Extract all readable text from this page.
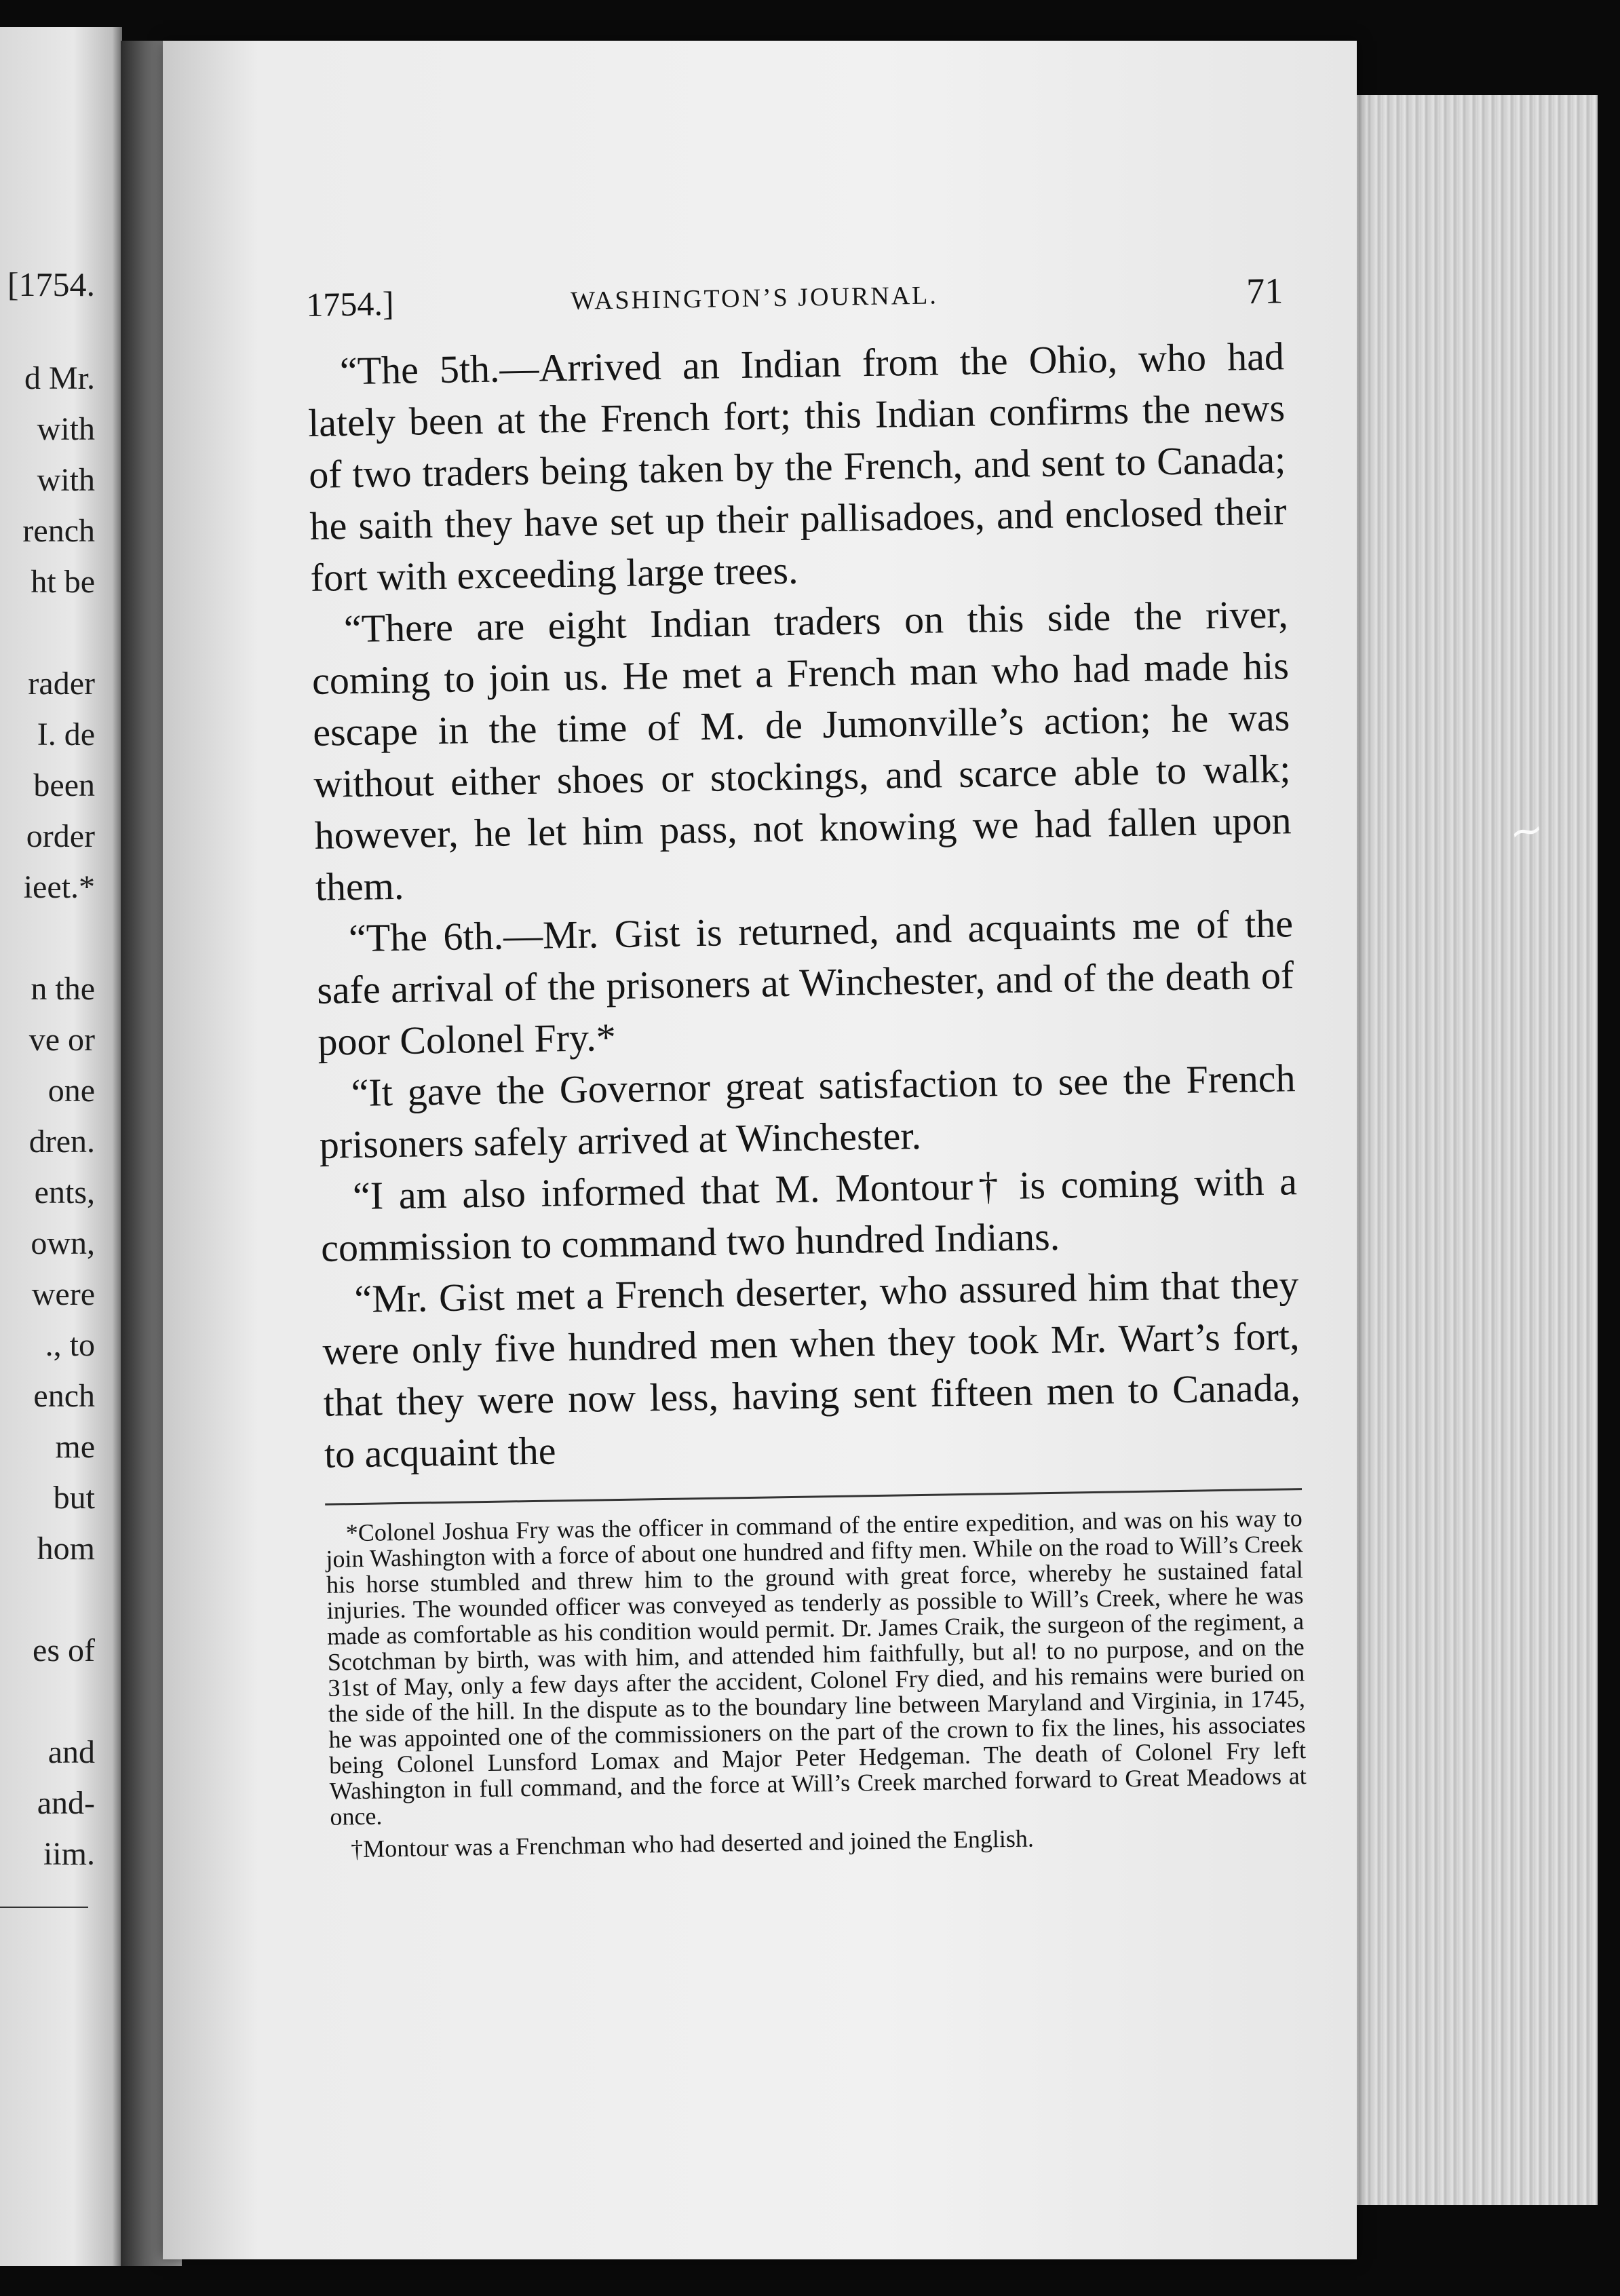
[1754.
d Mr.
with
with
rench
ht be
rader
I. de
been
order
ieet.*
n the
ve or
one
dren.
ents,
own,
were
., to
ench
me
but
hom
es of
and
and-
iim.
1754.]	WASHINGTON’S JOURNAL.	71

“The 5th.—Arrived an Indian from the Ohio, who had lately been at the French fort; this Indian confirms the news of two traders being taken by the French, and sent to Canada; he saith they have set up their pallisadoes, and enclosed their fort with exceeding large trees.

“There are eight Indian traders on this side the river, coming to join us. He met a French man who had made his escape in the time of M. de Jumonville’s action; he was without either shoes or stockings, and scarce able to walk; however, he let him pass, not knowing we had fallen upon them.

“The 6th.—Mr. Gist is returned, and acquaints me of the safe arrival of the prisoners at Winchester, and of the death of poor Colonel Fry.*

“It gave the Governor great satisfaction to see the French prisoners safely arrived at Winchester.

“I am also informed that M. Montour† is coming with a commission to command two hundred Indians.

“Mr. Gist met a French deserter, who assured him that they were only five hundred men when they took Mr. Wart’s fort, that they were now less, having sent fifteen men to Canada, to acquaint the

*Colonel Joshua Fry was the officer in command of the entire expedition, and was on his way to join Washington with a force of about one hundred and fifty men. While on the road to Will’s Creek his horse stumbled and threw him to the ground with great force, whereby he sustained fatal injuries. The wounded officer was conveyed as tenderly as possible to Will’s Creek, where he was made as comfortable as his condition would permit. Dr. James Craik, the surgeon of the regiment, a Scotchman by birth, was with him, and attended him faithfully, but al! to no purpose, and on the 31st of May, only a few days after the accident, Colonel Fry died, and his remains were buried on the side of the hill. In the dispute as to the boundary line between Maryland and Virginia, in 1745, he was appointed one of the commissioners on the part of the crown to fix the lines, his associates being Colonel Lunsford Lomax and Major Peter Hedgeman. The death of Colonel Fry left Washington in full command, and the force at Will’s Creek marched forward to Great Meadows at once.

†Montour was a Frenchman who had deserted and joined the English.

~
